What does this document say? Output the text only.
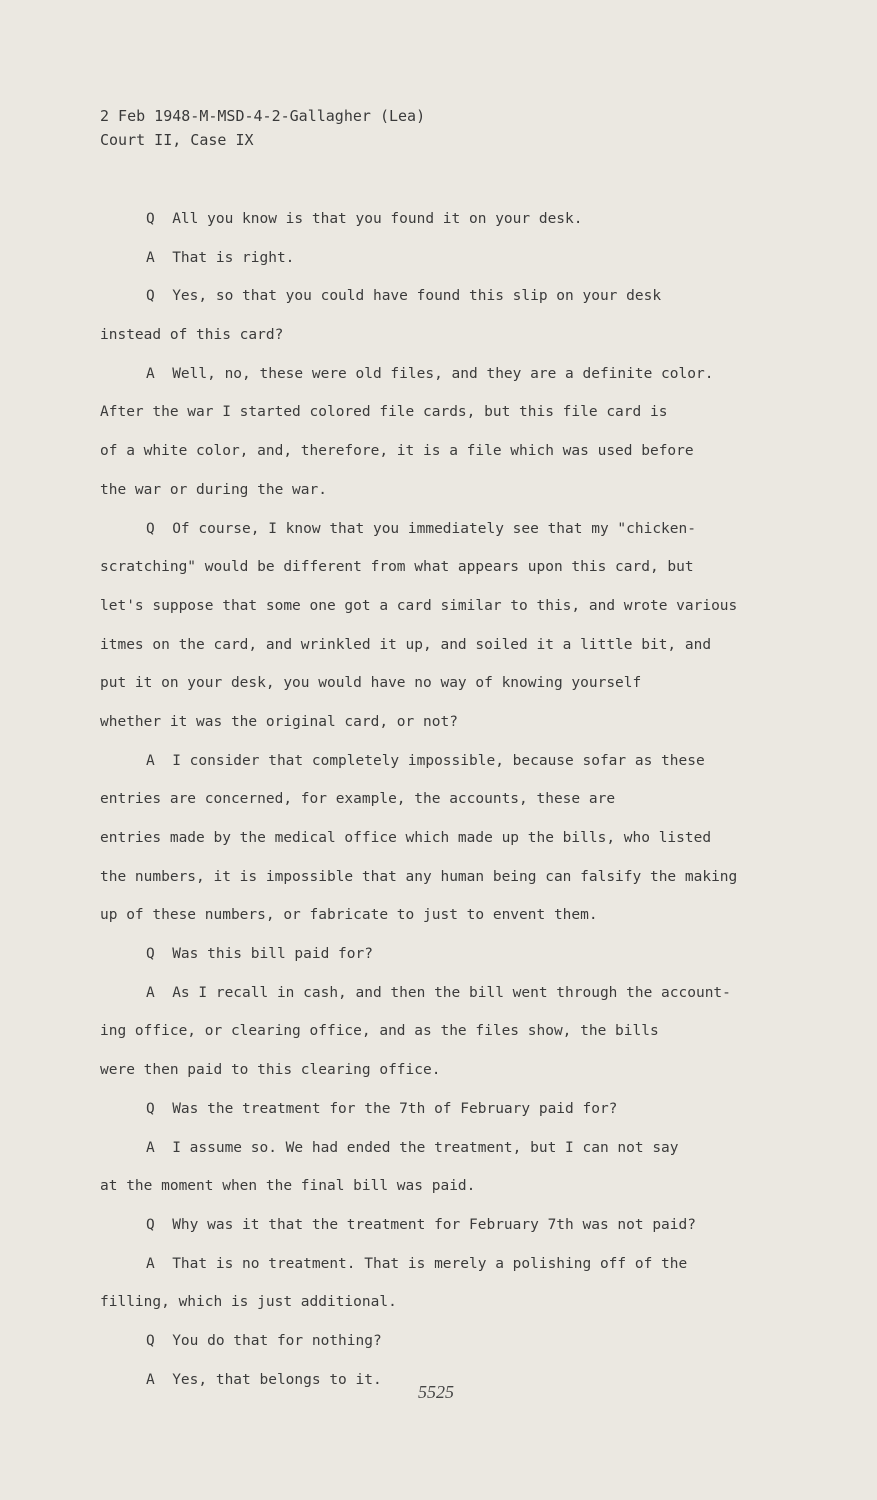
2 Feb 1948-M-MSD-4-2-Gallagher (Lea)
Court II, Case IX
Q  All you know is that you found it on your desk.
A  That is right.
Q  Yes, so that you could have found this slip on your desk
instead of this card?
A  Well, no, these were old files, and they are a definite color.
After the war I started colored file cards, but this file card is
of a white color, and, therefore, it is a file which was used before
the war or during the war.
Q  Of course, I know that you immediately see that my "chicken-
scratching" would be different from what appears upon this card, but
let's suppose that some one got a card similar to this, and wrote various
itmes on the card, and wrinkled it up, and soiled it a little bit, and
put it on your desk, you would have no way of knowing yourself
whether it was the original card, or not?
A  I consider that completely impossible, because sofar as these
entries are concerned, for example, the accounts, these are
entries made by the medical office which made up the bills, who listed
the numbers, it is impossible that any human being can falsify the making
up of these numbers, or fabricate to just to envent them.
Q  Was this bill paid for?
A  As I recall in cash, and then the bill went through the account-
ing office, or clearing office, and as the files show, the bills
were then paid to this clearing office.
Q  Was the treatment for the 7th of February paid for?
A  I assume so. We had ended the treatment, but I can not say
at the moment when the final bill was paid.
Q  Why was it that the treatment for February 7th was not paid?
A  That is no treatment. That is merely a polishing off of the
filling, which is just additional.
Q  You do that for nothing?
A  Yes, that belongs to it.
5525
